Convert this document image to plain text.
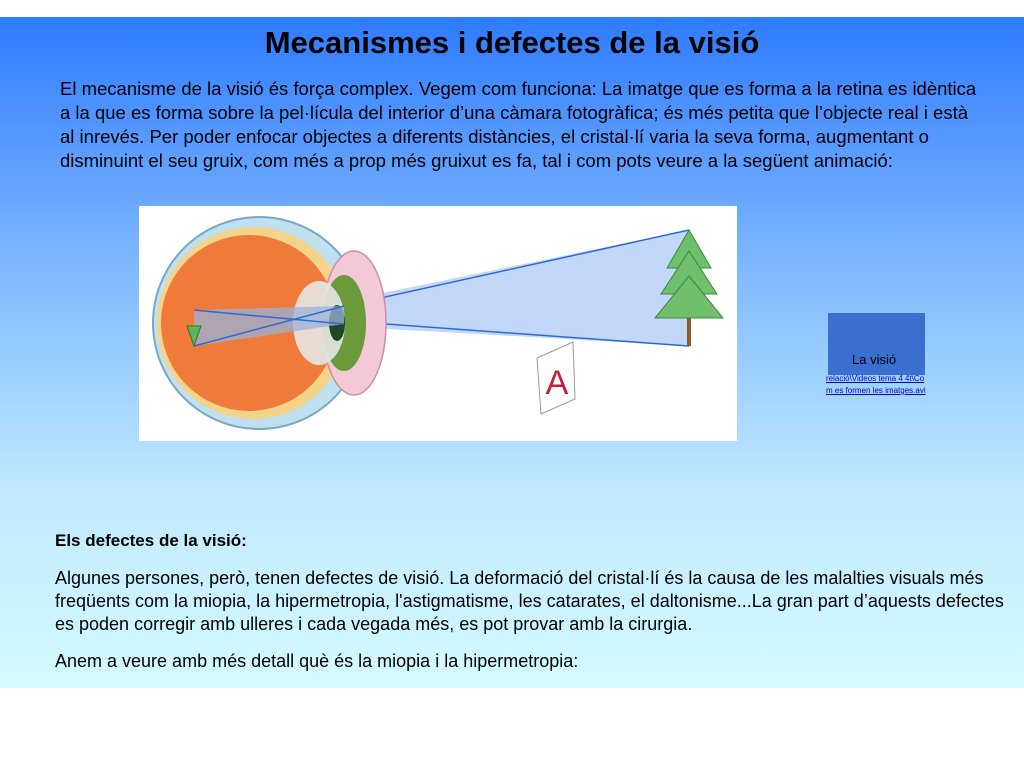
Mecanismes i defectes de la visió

El mecanisme de la visió és força complex. Vegem com funciona: La imatge que es forma a la retina es idèntica a la que es forma sobre la pel·lícula del interior d’una càmara fotogràfica; és més petita que l’objecte real i està al inrevés. Per poder enfocar objectes a diferents distàncies, el cristal·lí varia la seva forma, augmentant o disminuint el seu gruix, com més a prop més gruixut es fa, tal i com pots veure a la següent animació:

A
La visió
relació\Videos tema 4 4t\Com es formen les imatges.avi
Els defectes de la visió:

Algunes persones, però, tenen defectes de visió. La deformació del cristal·lí és la causa de les malalties visuals més freqüents com la miopia, la hipermetropia, l'astigmatisme, les catarates, el daltonisme...La gran part d’aquests defectes es poden corregir amb ulleres i cada vegada més, es pot provar amb la cirurgia.

Anem a veure amb més detall què és la miopia i la hipermetropia:
